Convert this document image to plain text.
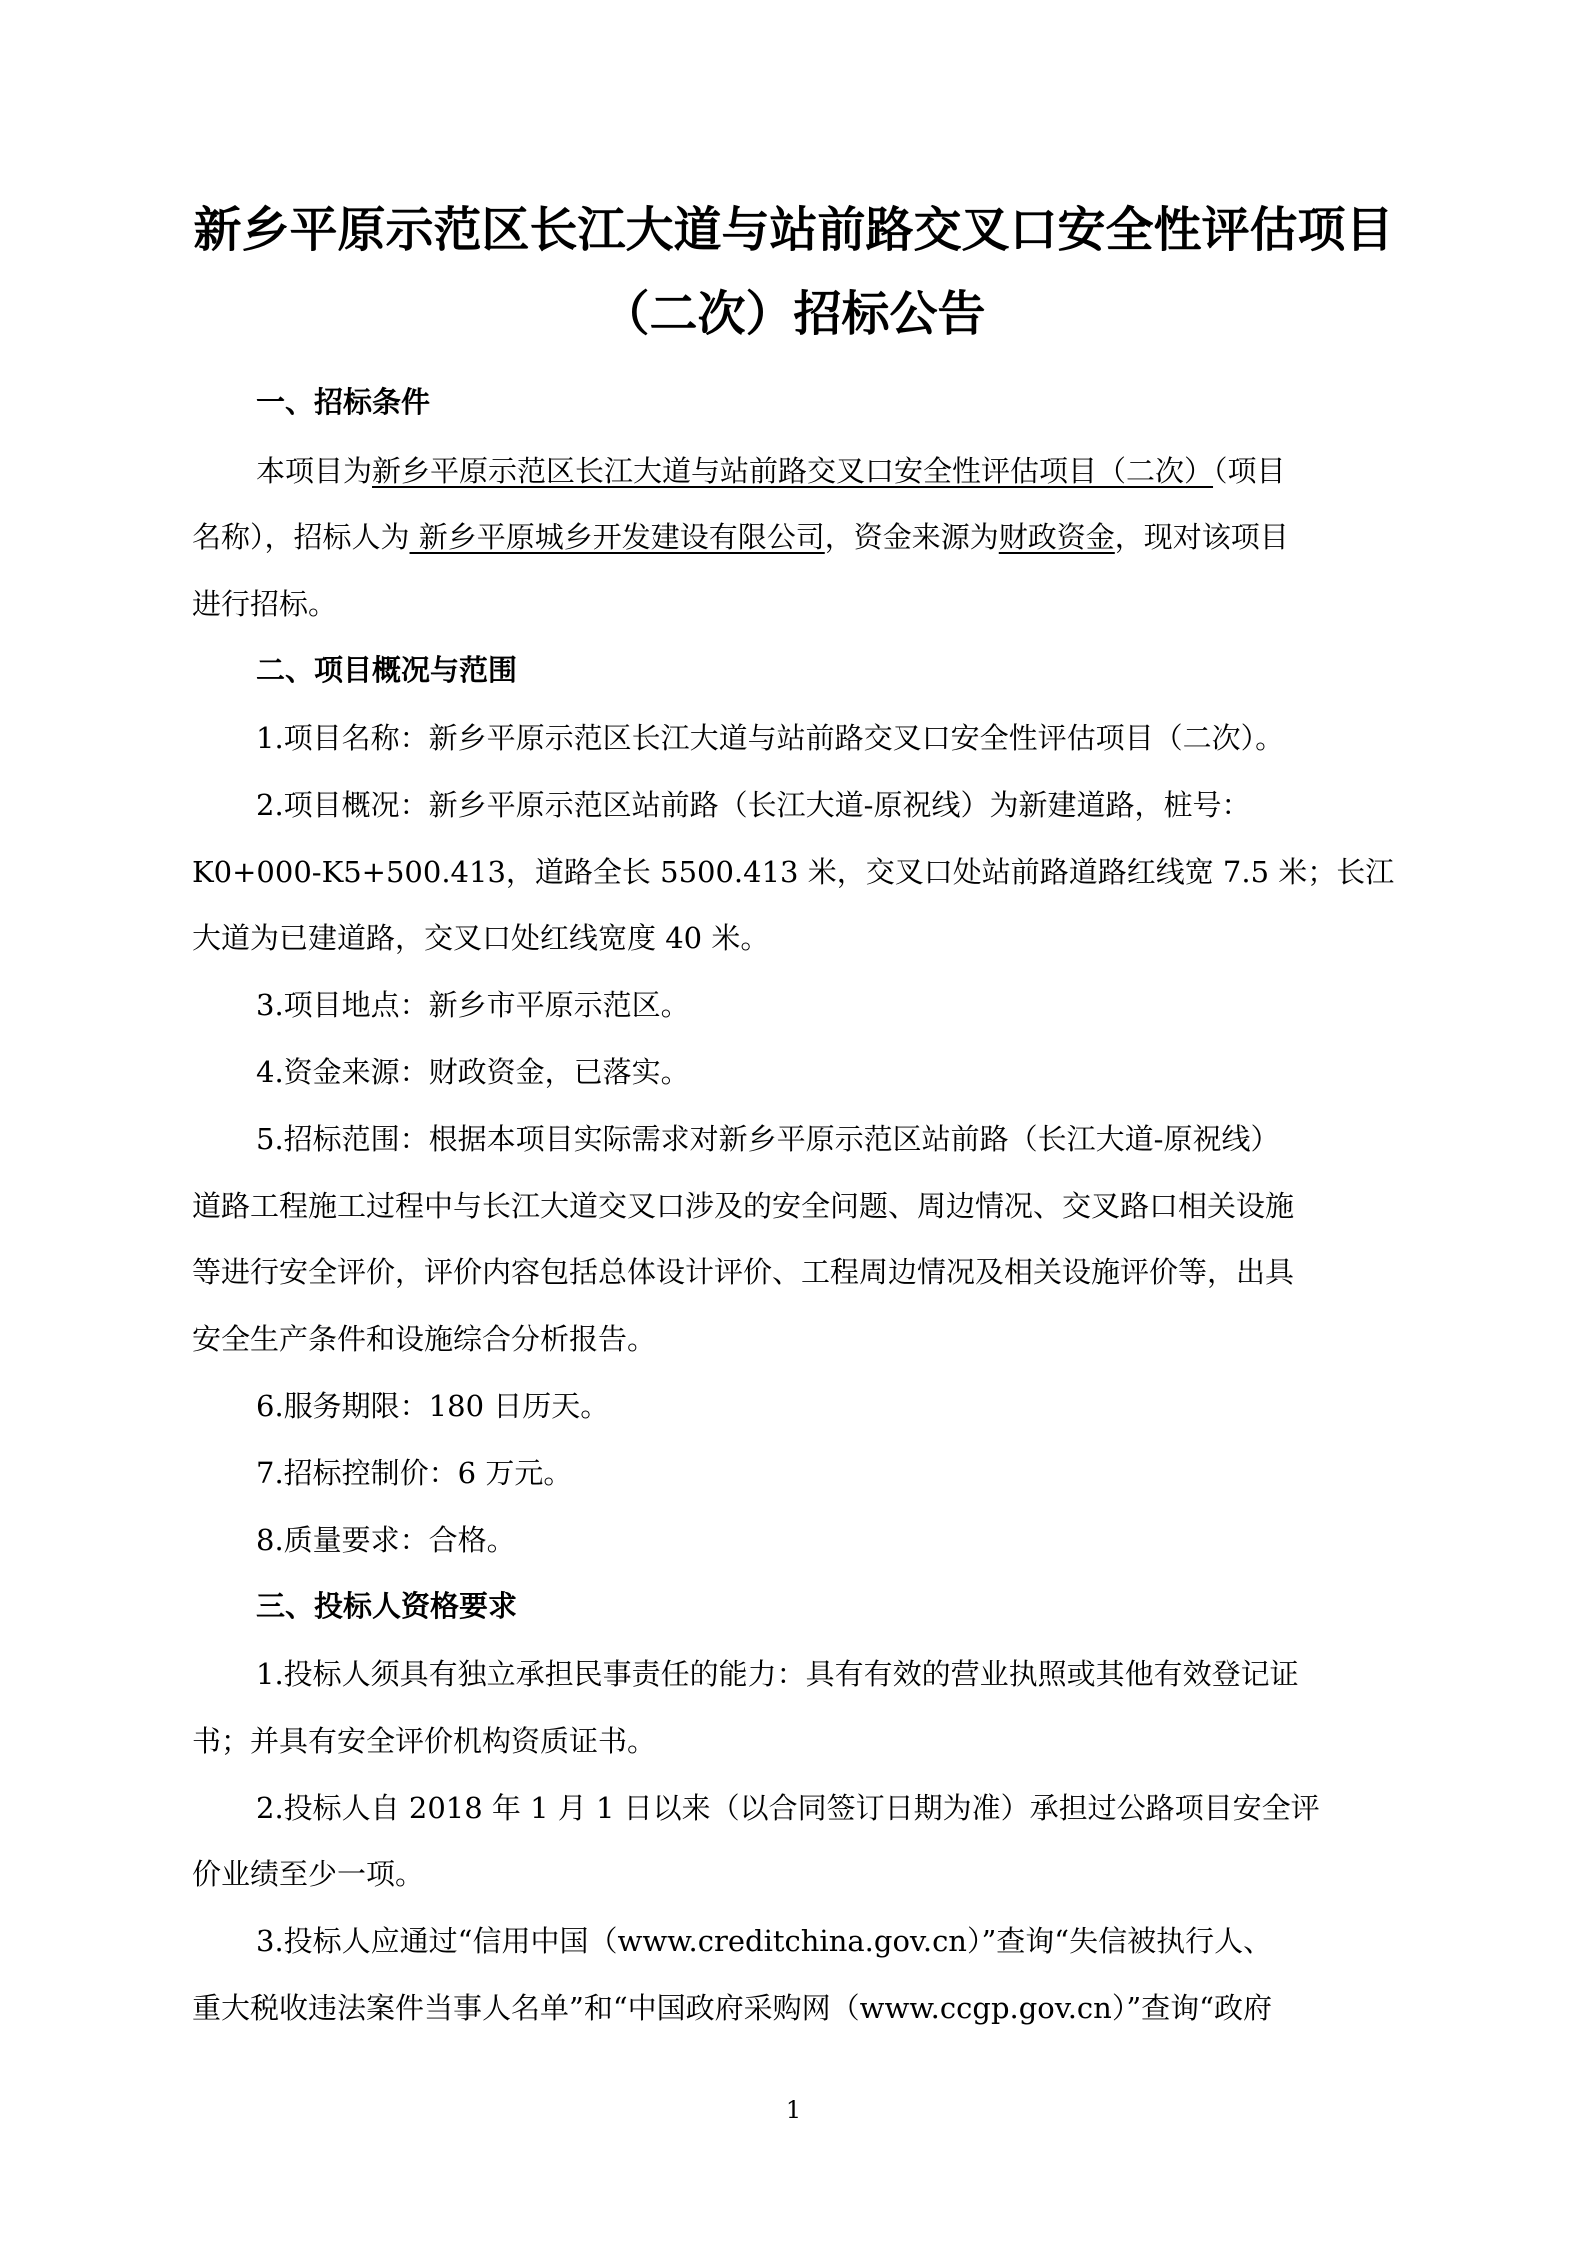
新乡平原示范区长江大道与站前路交叉口安全性评估项目
（二次）招标公告
一、招标条件
本项目为新乡平原示范区长江大道与站前路交叉口安全性评估项目（二次）（项目
名称），招标人为 新乡平原城乡开发建设有限公司，资金来源为财政资金，现对该项目
进行招标。
二、项目概况与范围
1.项目名称：新乡平原示范区长江大道与站前路交叉口安全性评估项目（二次）。
2.项目概况：新乡平原示范区站前路（长江大道-原祝线）为新建道路，桩号：
K0+000-K5+500.413，道路全长 5500.413 米，交叉口处站前路道路红线宽 7.5 米；长江
大道为已建道路，交叉口处红线宽度 40 米。
3.项目地点：新乡市平原示范区。
4.资金来源：财政资金，已落实。
5.招标范围：根据本项目实际需求对新乡平原示范区站前路（长江大道-原祝线）
道路工程施工过程中与长江大道交叉口涉及的安全问题、周边情况、交叉路口相关设施
等进行安全评价，评价内容包括总体设计评价、工程周边情况及相关设施评价等，出具
安全生产条件和设施综合分析报告。
6.服务期限：180 日历天。
7.招标控制价：6 万元。
8.质量要求：合格。
三、投标人资格要求
1.投标人须具有独立承担民事责任的能力：具有有效的营业执照或其他有效登记证
书；并具有安全评价机构资质证书。
2.投标人自 2018 年 1 月 1 日以来（以合同签订日期为准）承担过公路项目安全评
价业绩至少一项。
3.投标人应通过“信用中国（www.creditchina.gov.cn）”查询“失信被执行人、
重大税收违法案件当事人名单”和“中国政府采购网（www.ccgp.gov.cn）”查询“政府
1
